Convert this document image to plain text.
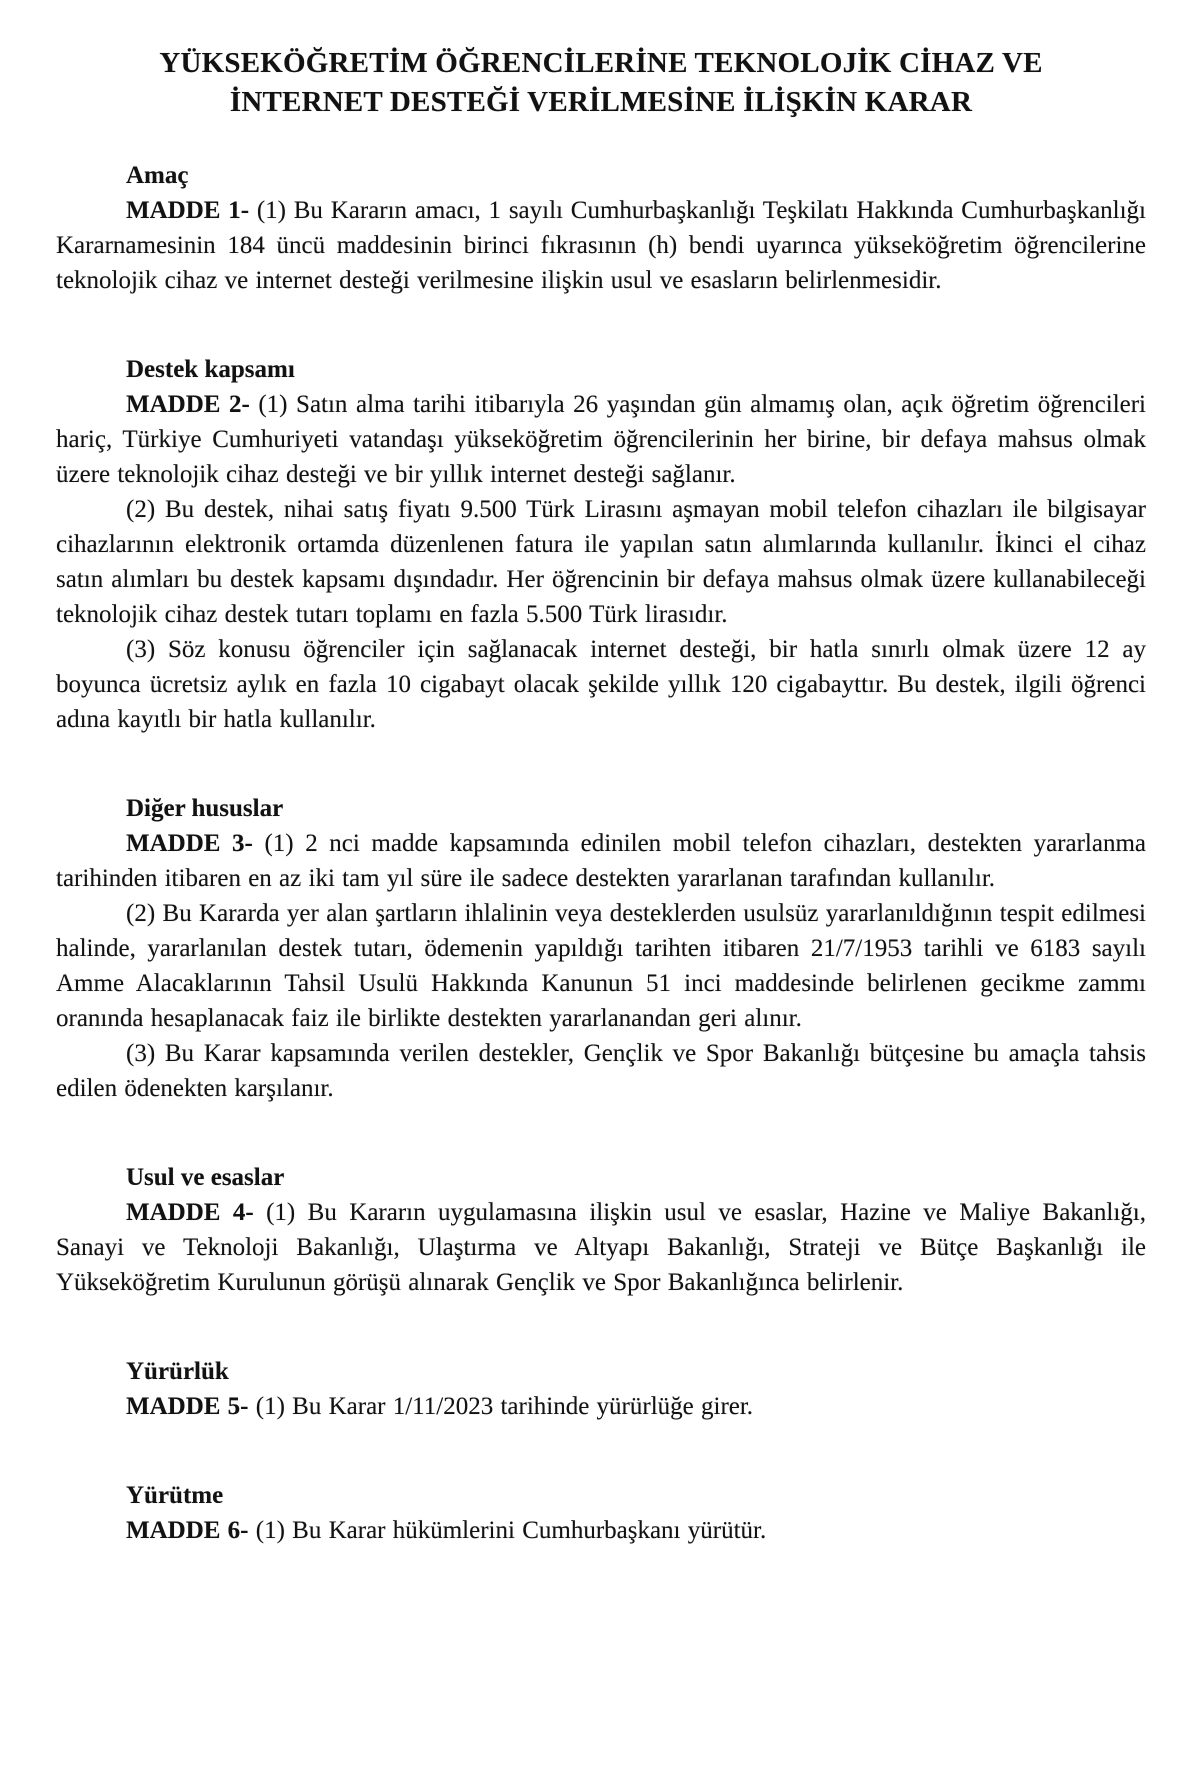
YÜKSEKÖĞRETİM ÖĞRENCİLERİNE TEKNOLOJİK CİHAZ VE
İNTERNET DESTEĞİ VERİLMESİNE İLİŞKİN KARAR
Amaç

MADDE 1- (1) Bu Kararın amacı, 1 sayılı Cumhurbaşkanlığı Teşkilatı Hakkında Cumhurbaşkanlığı Kararnamesinin 184 üncü maddesinin birinci fıkrasının (h) bendi uyarınca yükseköğretim öğrencilerine teknolojik cihaz ve internet desteği verilmesine ilişkin usul ve esasların belirlenmesidir.

Destek kapsamı

MADDE 2- (1) Satın alma tarihi itibarıyla 26 yaşından gün almamış olan, açık öğretim öğrencileri hariç, Türkiye Cumhuriyeti vatandaşı yükseköğretim öğrencilerinin her birine, bir defaya mahsus olmak üzere teknolojik cihaz desteği ve bir yıllık internet desteği sağlanır.

(2) Bu destek, nihai satış fiyatı 9.500 Türk Lirasını aşmayan mobil telefon cihazları ile bilgisayar cihazlarının elektronik ortamda düzenlenen fatura ile yapılan satın alımlarında kullanılır. İkinci el cihaz satın alımları bu destek kapsamı dışındadır. Her öğrencinin bir defaya mahsus olmak üzere kullanabileceği teknolojik cihaz destek tutarı toplamı en fazla 5.500 Türk lirasıdır.

(3) Söz konusu öğrenciler için sağlanacak internet desteği, bir hatla sınırlı olmak üzere 12 ay boyunca ücretsiz aylık en fazla 10 cigabayt olacak şekilde yıllık 120 cigabayttır. Bu destek, ilgili öğrenci adına kayıtlı bir hatla kullanılır.

Diğer hususlar

MADDE 3- (1) 2 nci madde kapsamında edinilen mobil telefon cihazları, destekten yararlanma tarihinden itibaren en az iki tam yıl süre ile sadece destekten yararlanan tarafından kullanılır.

(2) Bu Kararda yer alan şartların ihlalinin veya desteklerden usulsüz yararlanıldığının tespit edilmesi halinde, yararlanılan destek tutarı, ödemenin yapıldığı tarihten itibaren 21/7/1953 tarihli ve 6183 sayılı Amme Alacaklarının Tahsil Usulü Hakkında Kanunun 51 inci maddesinde belirlenen gecikme zammı oranında hesaplanacak faiz ile birlikte destekten yararlanandan geri alınır.

(3) Bu Karar kapsamında verilen destekler, Gençlik ve Spor Bakanlığı bütçesine bu amaçla tahsis edilen ödenekten karşılanır.

Usul ve esaslar

MADDE 4- (1) Bu Kararın uygulamasına ilişkin usul ve esaslar, Hazine ve Maliye Bakanlığı, Sanayi ve Teknoloji Bakanlığı, Ulaştırma ve Altyapı Bakanlığı, Strateji ve Bütçe Başkanlığı ile Yükseköğretim Kurulunun görüşü alınarak Gençlik ve Spor Bakanlığınca belirlenir.

Yürürlük

MADDE 5- (1) Bu Karar 1/11/2023 tarihinde yürürlüğe girer.

Yürütme

MADDE 6- (1) Bu Karar hükümlerini Cumhurbaşkanı yürütür.
